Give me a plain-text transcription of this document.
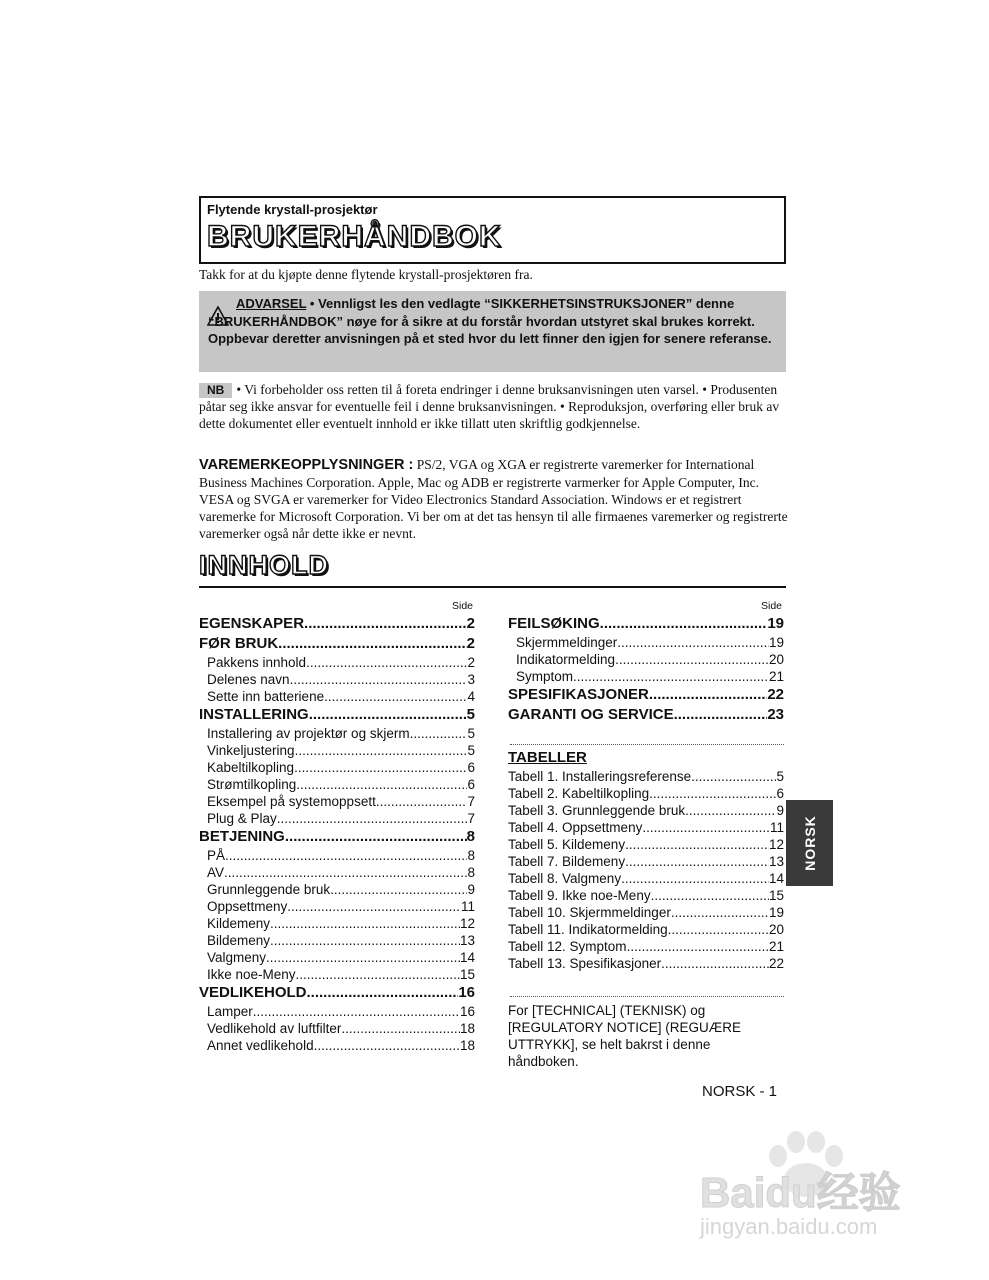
Flytende krystall-prosjektør
BRUKERHÅNDBOK
Takk for at du kjøpte denne flytende krystall-prosjektøren fra.
ADVARSEL • Vennligst les den vedlagte “SIKKERHETSINSTRUKSJONER” denne “BRUKERHÅNDBOK” nøye for å sikre at du forstår hvordan utstyret skal brukes korrekt. Oppbevar deretter anvisningen på et sted hvor du lett finner den igjen for senere referanse.
NB • Vi forbeholder oss retten til å foreta endringer i denne bruksanvisningen uten varsel. • Produsenten påtar seg ikke ansvar for eventuelle feil i denne bruksanvisningen. • Reproduksjon, overføring eller bruk av dette dokumentet eller eventuelt innhold er ikke tillatt uten skriftlig godkjennelse.
VAREMERKEOPPLYSNINGER : PS/2, VGA og XGA er registrerte varemerker for International Business Machines Corporation. Apple, Mac og ADB er registrerte varmerker for Apple Computer, Inc. VESA og SVGA er varemerker for Video Electronics Standard Association. Windows er et registrert varemerke for Microsoft Corporation. Vi ber om at det tas hensyn til alle firmaenes varemerker og registrerte varemerker også når dette ikke er nevnt.
INNHOLD
Side	Side
EGENSKAPER .....	2
FØR BRUK .....	2
Pakkens innhold .....	2
Delenes navn .....	3
Sette inn batteriene .....	4
INSTALLERING .....	5
Installering av projektør og skjerm .....	5
Vinkeljustering .....	5
Kabeltilkopling .....	6
Strømtilkopling .....	6
Eksempel på systemoppsett .....	7
Plug & Play .....	7
BETJENING .....	8
PÅ .....	8
AV .....	8
Grunnleggende bruk .....	9
Oppsettmeny .....	11
Kildemeny .....	12
Bildemeny .....	13
Valgmeny .....	14
Ikke noe-Meny .....	15
VEDLIKEHOLD .....	16
Lamper .....	16
Vedlikehold av luftfilter .....	18
Annet vedlikehold .....	18
FEILSØKING .....	19
Skjermmeldinger .....	19
Indikatormelding .....	20
Symptom .....	21
SPESIFIKASJONER .....	22
GARANTI OG SERVICE .....	23
TABELLER
Tabell 1. Installeringsreferense .....	5
Tabell 2. Kabeltilkopling .....	6
Tabell 3. Grunnleggende bruk .....	9
Tabell 4. Oppsettmeny .....	11
Tabell 5. Kildemeny .....	12
Tabell 7. Bildemeny .....	13
Tabell 8. Valgmeny .....	14
Tabell 9. Ikke noe-Meny .....	15
Tabell 10. Skjermmeldinger .....	19
Tabell 11. Indikatormelding .....	20
Tabell 12. Symptom .....	21
Tabell 13. Spesifikasjoner .....	22
For [TECHNICAL] (TEKNISK) og [REGULATORY NOTICE] (REGUÆRE UTTRYKK], se helt bakrst i denne håndboken.
NORSK - 1
NORSK
Baidu经验
jingyan.baidu.com
